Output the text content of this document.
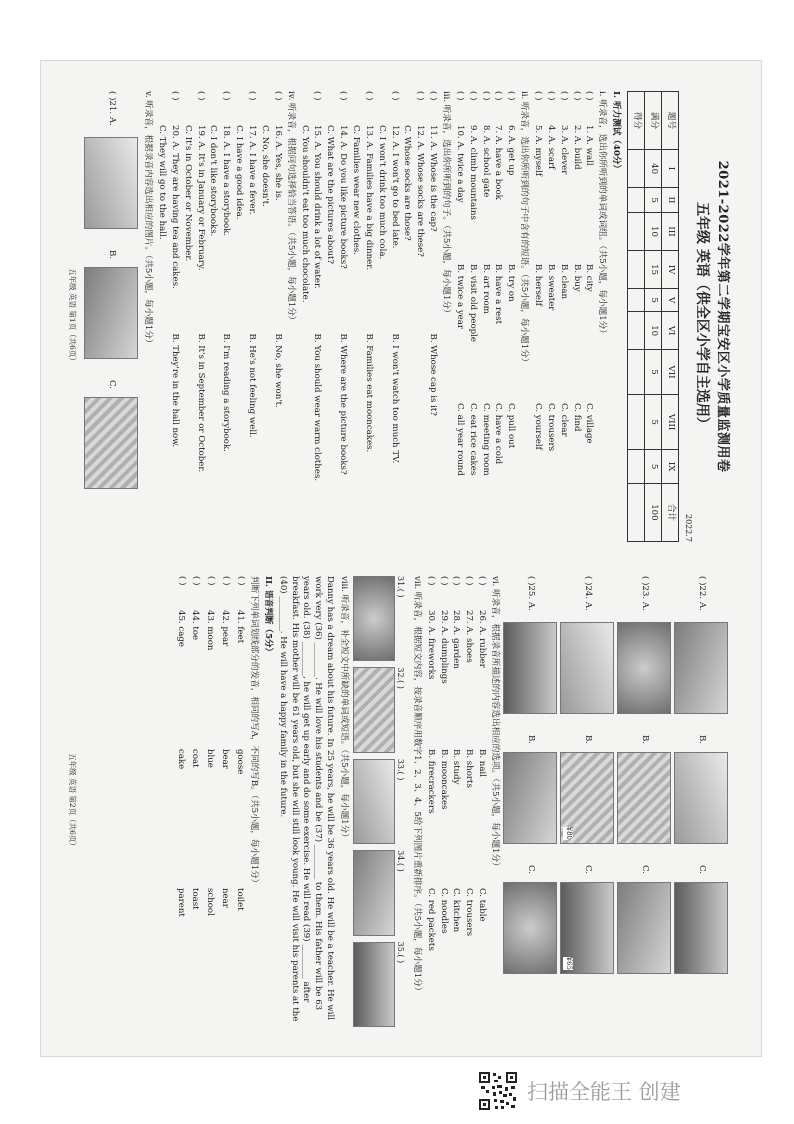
2021-2022学年第二学期宝安区小学质量监测用卷
五年级 英语（供全区小学自主选用）
2022.7
题号	I	II	III	IV	V	VI	VII	VIII	IX	合计
满分	40	5	10	15	5	10	5	5	5	100
得分										
I. 听力测试（40分）
i. 听录音，选出你所听到的单词或词组。（共5小题，每小题1分）
( )
1. A. wall
B. city
C. village
( )
2. A. build
B. buy
C. find
( )
3. A. clever
B. clean
C. clear
( )
4. A. scarf
B. sweater
C. trousers
( )
5. A. myself
B. herself
C. yourself
ii. 听录音，选出你所听到的句子中含有的短语。（共5小题，每小题1分）
( )
6. A. get up
B. try on
C. pull out
( )
7. A. have a book
B. have a rest
C. have a cold
( )
8. A. school gate
B. art room
C. meeting room
( )
9. A. climb mountains
B. visit old people
C. eat rice cakes
( )
10. A. twice a day
B. twice a year
C. all year round
iii. 听录音，选出你所听到的句子。（共5小题，每小题1分）
( )
11. A. Whose is the cap?
B. Whose cap is it?
( )
12. A. Whose socks are these?
C. Whose socks are those?
( )
12. A. I won't go to bed late.
B. I won't watch too much TV.
C. I won't drink too much cola.
( )
13. A. Families have a big dinner.
B. Families eat mooncakes.
C. Families wear new clothes.
( )
14. A. Do you like picture books?
B. Where are the picture books?
C. What are the pictures about?
( )
15. A. You should drink a lot of water.
B. You should wear warm clothes.
C. You shouldn't eat too much chocolate.
iv. 听录音，根据问句选择恰当答语。（共5小题，每小题1分）
( )
16. A. Yes, she is.
B. No, she won't.
C. No, she doesn't.
( )
17. A. I have a fever.
B. He's not feeling well.
C. I have a good idea.
( )
18. A. I have a storybook.
B. I'm reading a storybook.
C. I don't like storybooks.
( )
19. A. It's in January or February.
B. It's in September or October.
C. It's in October or November.
( )
20. A. They are having tea and cakes.
B. They're in the hall now.
C. They will go to the hall.
v. 听录音，根据录音内容选出相应的图片。（共5小题，每小题1分）
( )21. A.
B.
C.
五年级 英语 第1页（共6页）
( )22. A.
B.
C.
( )23. A.
B.
C.
( )24. A.
B.
¥80
C.
¥65
( )25. A.
B.
C.
vi. 听录音，根据录音所描述的内容选出相应的选项。（共5小题，每小题1分）
( )
26. A. rubber
B. nail
C. table
( )
27. A. shoes
B. shorts
C. trousers
( )
28. A. garden
B. study
C. kitchen
( )
29. A. dumplings
B. mooncakes
C. noodles
( )
30. A. fireworks
B. firecrackers
C. red packets
vii. 听录音，根据短文内容，按录音顺序用数字1、2、3、4、5给下列图片重新排序。（共5小题，每小题1分）
31.( )
32.( )
33.( )
34.( )
35.( )
viii. 听录音，补全短文中所缺的单词或短语。（共5小题，每小题1分）
Danny has a dream about his future. In 25 years, he will be 36 years old. He will be a teacher. He will work very (36) ________. He will love his students and be (37) ________ to them. His father will be 63 years old. (38) ________, he will get up early and do some exercise. He will read (39) ________ after breakfast. His mother will be 61 years old, but she will still look young. He will visit his parents at the (40) ________. He will have a happy family in the future.
II. 语音判断（5分）
判断下列单词划线部分的发音，相同的写A，不同的写B。（共5小题，每小题1分）
( )
41. feet
goose
toilet
( )
42. pear
bear
near
( )
43. moon
blue
school
( )
44. toe
coat
toast
( )
45. cage
cake
parent
五年级 英语 第2页（共6页）
扫描全能王 创建
